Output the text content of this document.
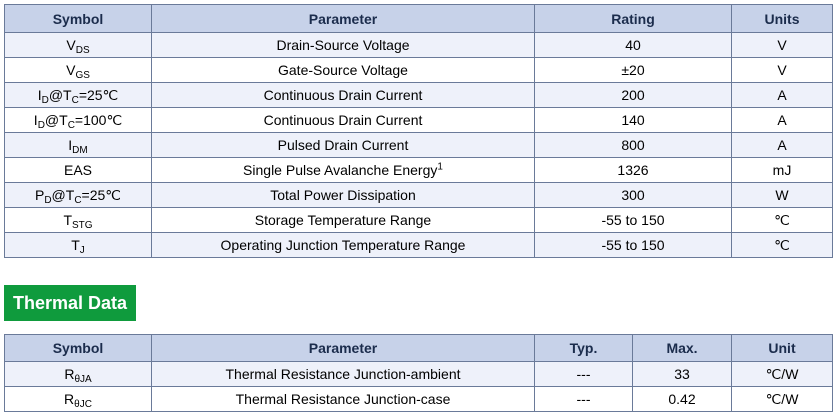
Symbol	Parameter	Rating	Units
$V_{DS}$	Drain-Source Voltage	40	V
$V_{GS}$	Gate-Source Voltage	±20	V
$I_D@T_C=25℃$	Continuous Drain Current	200	A
$I_D@T_C=100℃$	Continuous Drain Current	140	A
$I_{DM}$	Pulsed Drain Current	800	A
EAS	Single Pulse Avalanche Energy$^1$	1326	mJ
$P_D@T_C=25℃$	Total Power Dissipation	300	W
$T_{STG}$	Storage Temperature Range	-55 to 150	℃
$T_J$	Operating Junction Temperature Range	-55 to 150	℃
Thermal Data
Symbol	Parameter	Typ.	Max.	Unit
$R_{\theta JA}$	Thermal Resistance Junction-ambient	---	33	℃/W
$R_{\theta JC}$	Thermal Resistance Junction-case	---	0.42	℃/W
